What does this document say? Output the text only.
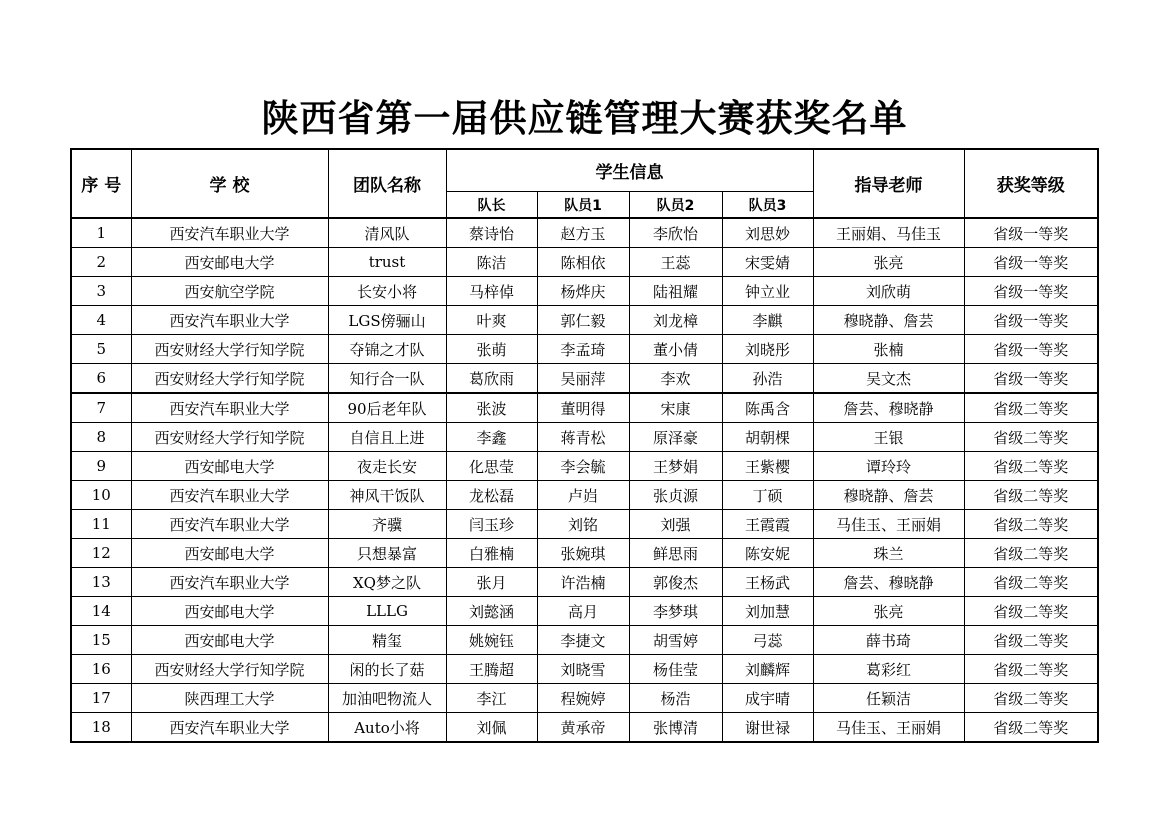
陕西省第一届供应链管理大赛获奖名单
序 号	学 校	团队名称	学生信息				指导老师	获奖等级
			队长	队员1	队员2	队员3		
1	西安汽车职业大学	清风队	蔡诗怡	赵方玉	李欣怡	刘思妙	王丽娟、马佳玉	省级一等奖
2	西安邮电大学	trust	陈洁	陈相依	王蕊	宋雯婧	张亮	省级一等奖
3	西安航空学院	长安小将	马梓倬	杨烨庆	陆祖耀	钟立业	刘欣萌	省级一等奖
4	西安汽车职业大学	LGS傍骊山	叶爽	郭仁毅	刘龙樟	李麒	穆晓静、詹芸	省级一等奖
5	西安财经大学行知学院	夺锦之才队	张萌	李孟琦	董小倩	刘晓彤	张楠	省级一等奖
6	西安财经大学行知学院	知行合一队	葛欣雨	吴丽萍	李欢	孙浩	吴文杰	省级一等奖
7	西安汽车职业大学	90后老年队	张波	董明得	宋康	陈禹含	詹芸、穆晓静	省级二等奖
8	西安财经大学行知学院	自信且上进	李鑫	蒋青松	原泽豪	胡朝棵	王银	省级二等奖
9	西安邮电大学	夜走长安	化思莹	李会毓	王梦娟	王紫樱	谭玲玲	省级二等奖
10	西安汽车职业大学	神风干饭队	龙松磊	卢岿	张贞源	丁硕	穆晓静、詹芸	省级二等奖
11	西安汽车职业大学	齐骥	闫玉珍	刘铭	刘强	王霞霞	马佳玉、王丽娟	省级二等奖
12	西安邮电大学	只想暴富	白雅楠	张婉琪	鲜思雨	陈安妮	珠兰	省级二等奖
13	西安汽车职业大学	XQ梦之队	张月	许浩楠	郭俊杰	王杨武	詹芸、穆晓静	省级二等奖
14	西安邮电大学	LLLG	刘懿涵	高月	李梦琪	刘加慧	张亮	省级二等奖
15	西安邮电大学	精玺	姚婉钰	李捷文	胡雪婷	弓蕊	薛书琦	省级二等奖
16	西安财经大学行知学院	闲的长了菇	王腾超	刘晓雪	杨佳莹	刘麟辉	葛彩红	省级二等奖
17	陕西理工大学	加油吧物流人	李江	程婉婷	杨浩	成宇晴	任颖洁	省级二等奖
18	西安汽车职业大学	Auto小将	刘佩	黄承帝	张博清	谢世禄	马佳玉、王丽娟	省级二等奖
